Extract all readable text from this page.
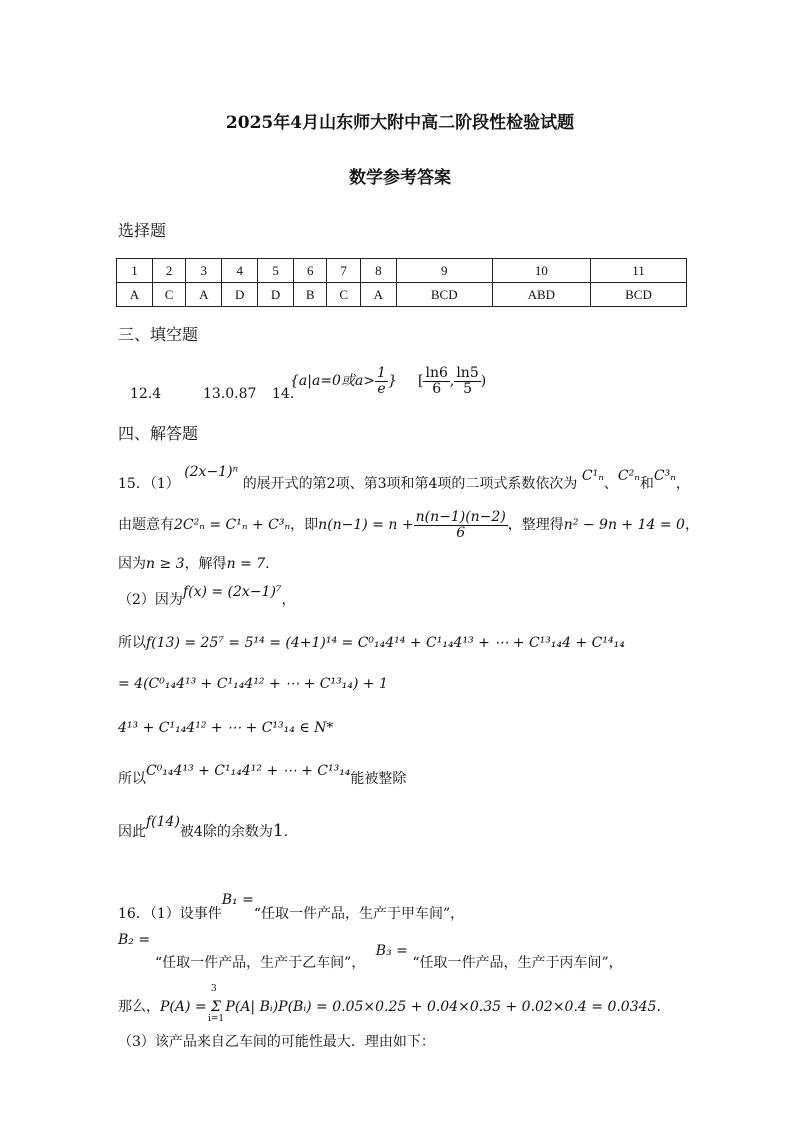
2025年4月山东师大附中高二阶段性检验试题
数学参考答案
选择题
1	2	3	4	5	6	7	8	9	10	11
A	C	A	D	D	B	C	A	BCD	ABD	BCD
三、填空题
12.4	13.0.87 14.
{a|a=0或$a> \frac{1}{e}$ } [ $\frac{\ln 6}{6}$ , $\frac{\ln 5}{5}$ )
四、解答题
15．（1） (2x−1)ⁿ 的展开式的第2项、第3项和第4项的二项式系数依次为 C¹ₙ、C²ₙ和C³ₙ，
由题意有2C²ₙ = C¹ₙ + C³ₙ，即$n(n-1) = n + \frac{n(n-1)(n-2)}{6}$ ，整理得n² − 9n + 14 = 0，
因为n ≥ 3，解得n = 7.
（2）因为f(x) = (2x−1)⁷，
所以f(13) = 25⁷ = 5¹⁴ = (4+1)¹⁴ = C⁰₁₄4¹⁴ + C¹₁₄4¹³ + ⋯ + C¹³₁₄4 + C¹⁴₁₄
= 4(C⁰₁₄4¹³ + C¹₁₄4¹² + ⋯ + C¹³₁₄) + 1
4¹³ + C¹₁₄4¹² + ⋯ + C¹³₁₄ ∈ N*
所以C⁰₁₄4¹³ + C¹₁₄4¹² + ⋯ + C¹³₁₄能被整除
因此f(14)被4除的余数为1.
16．（1）设事件B₁ =“任取一件产品，生产于甲车间”，
B₂ =
“任取一件产品，生产于乙车间”， B₃ = “任取一件产品，生产于丙车间”，
那么，P(A) = Σ P(A| Bᵢ)P(Bᵢ) = 0.05×0.25 + 0.04×0.35 + 0.02×0.4 = 0.0345.
3
i=1
（3）该产品来自乙车间的可能性最大．理由如下：
